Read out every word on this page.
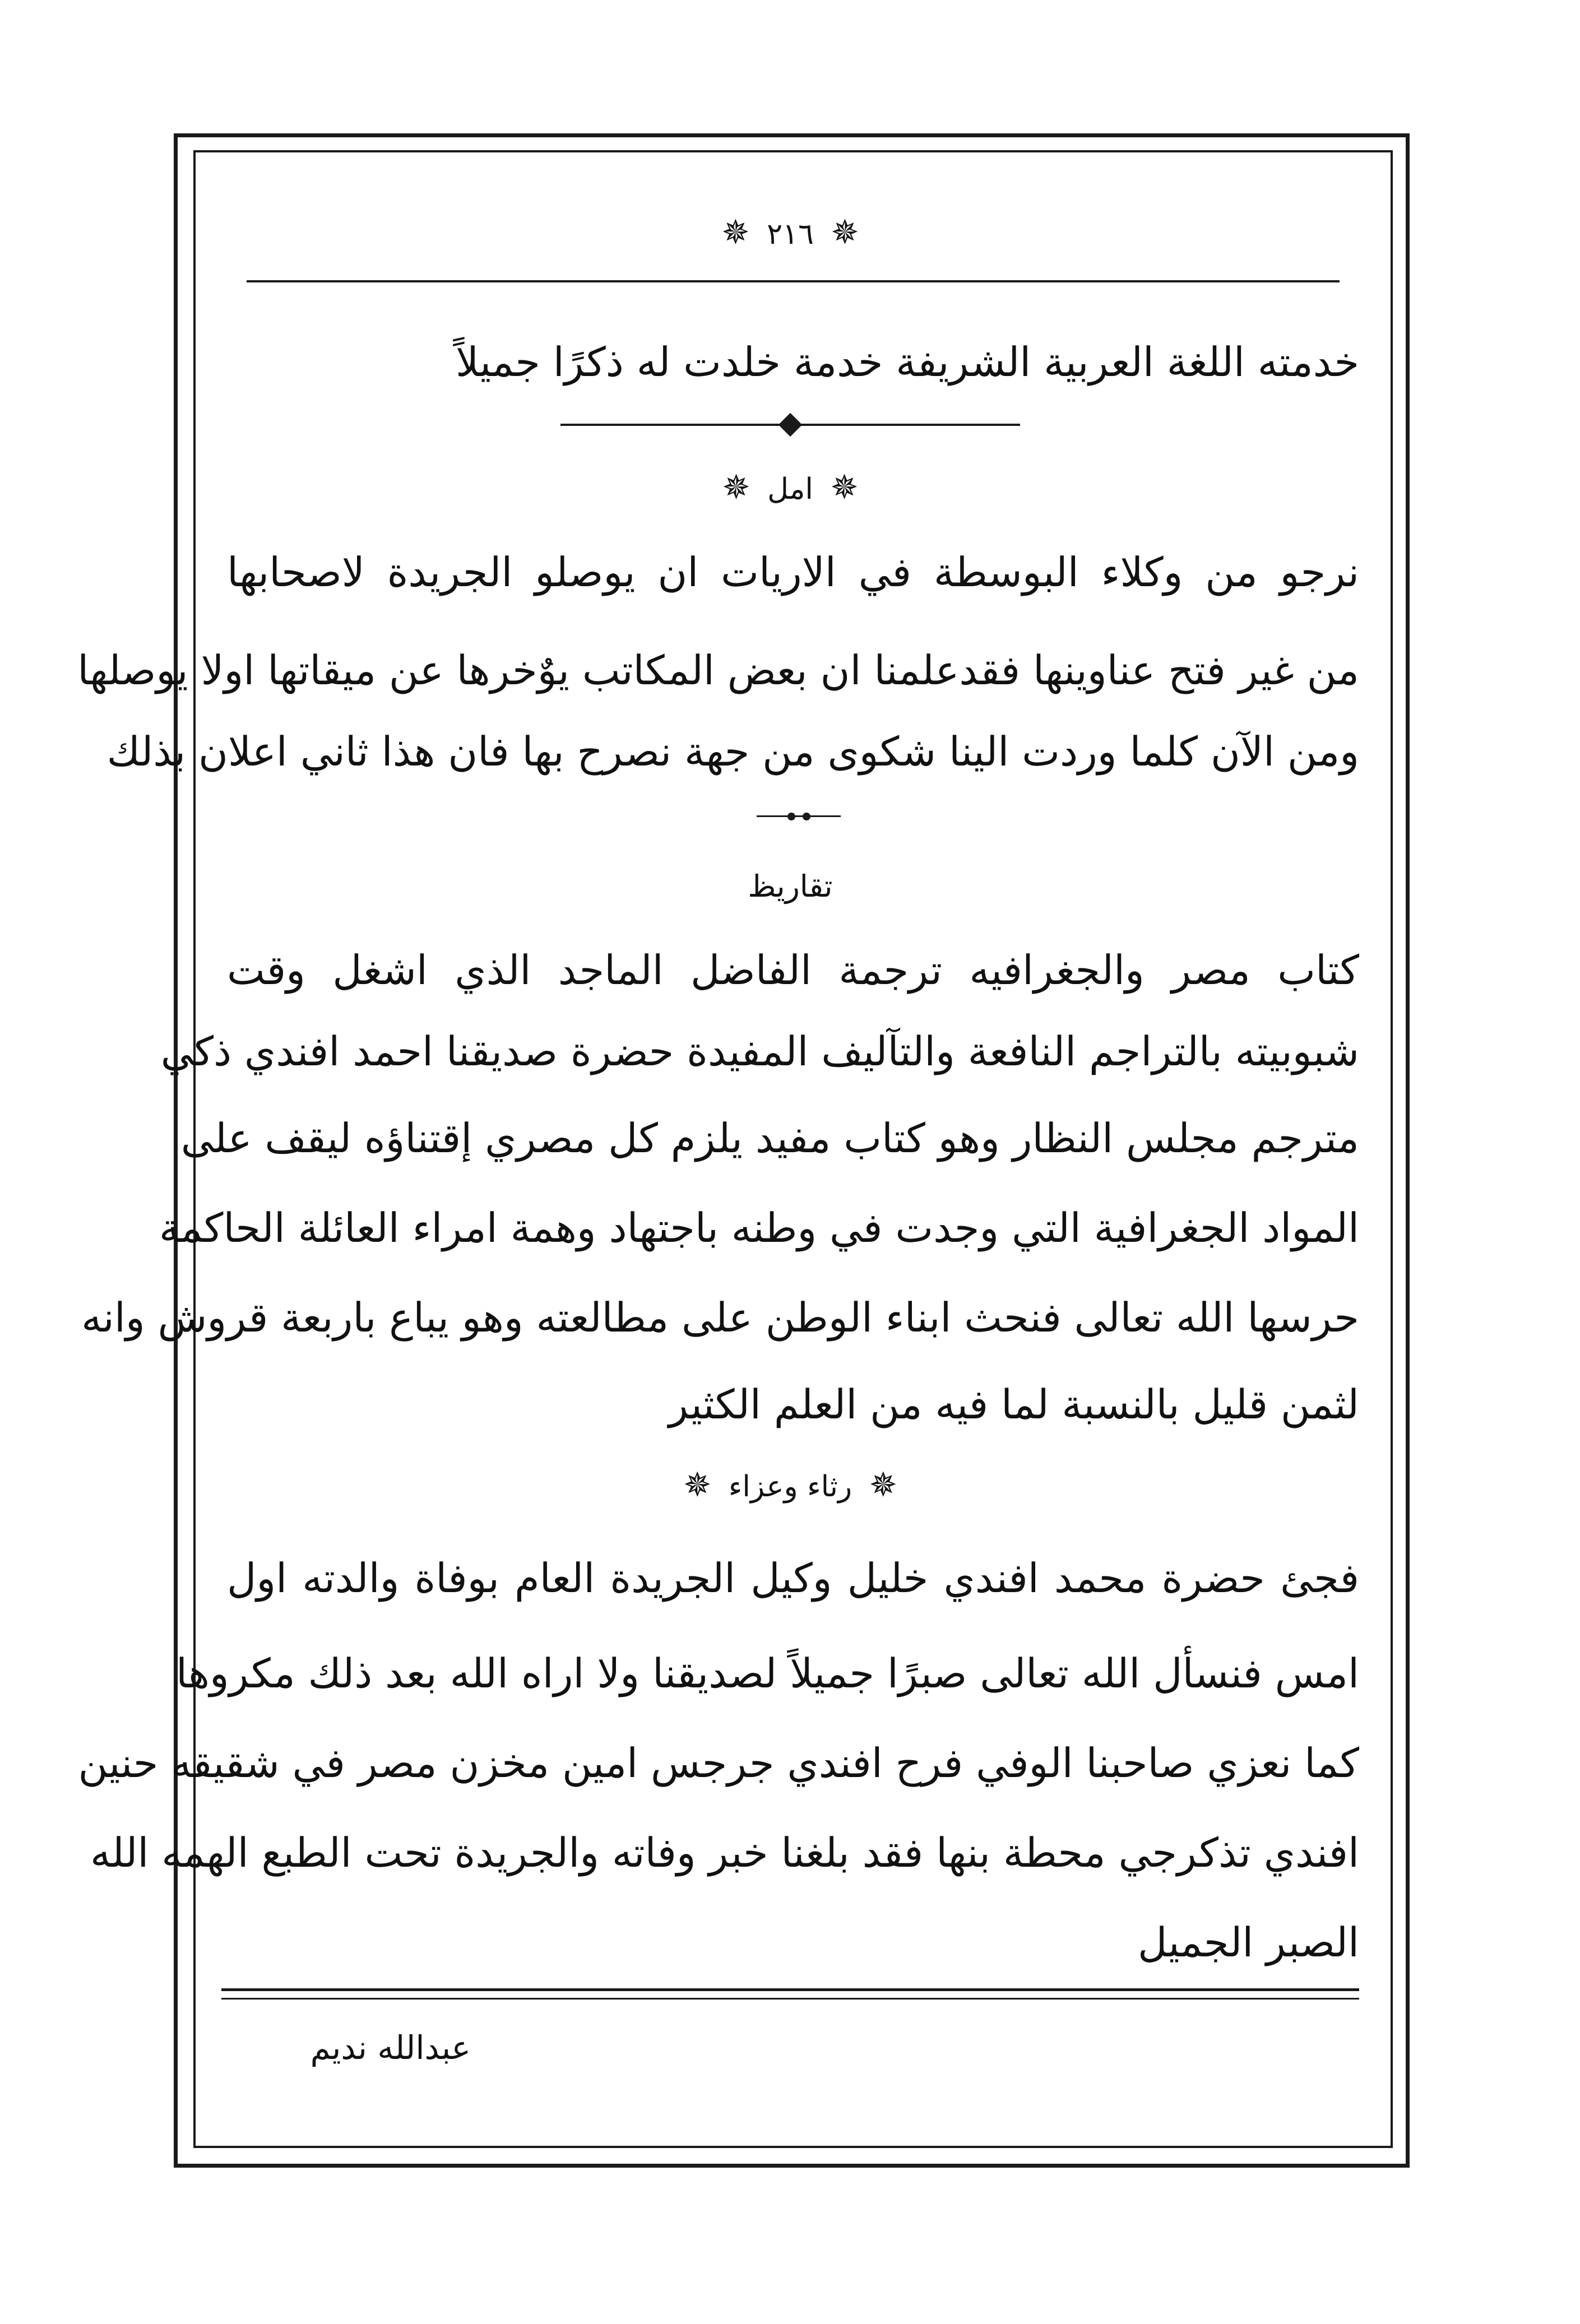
✵ ٢١٦ ✵
خدمته اللغة العربية الشريفة خدمة خلدت له ذكرًا جميلاً
✵ امل ✵
نرجو من وكلاء البوسطة في الاريات ان يوصلو الجريدة لاصحابها
من غير فتح عناوينها فقدعلمنا ان بعض المكاتب يوٌخرها عن ميقاتها اولا يوصلها
ومن الآن كلما وردت الينا شكوى من جهة نصرح بها فان هذا ثاني اعلان بذلك
تقاريظ
كتاب مصر والجغرافيه ترجمة الفاضل الماجد الذي اشغل وقت
شبوبيته بالتراجم النافعة والتآليف المفيدة حضرة صديقنا احمد افندي ذكي
مترجم مجلس النظار وهو كتاب مفيد يلزم كل مصري إقتناؤه ليقف على
المواد الجغرافية التي وجدت في وطنه باجتهاد وهمة امراء العائلة الحاكمة
حرسها الله تعالى فنحث ابناء الوطن على مطالعته وهو يباع باربعة قروش وانه
لثمن قليل بالنسبة لما فيه من العلم الكثير
✵ رثاء وعزاء ✵
فجئ حضرة محمد افندي خليل وكيل الجريدة العام بوفاة والدته اول
امس فنسأل الله تعالى صبرًا جميلاً لصديقنا ولا اراه الله بعد ذلك مكروها
كما نعزي صاحبنا الوفي فرح افندي جرجس امين مخزن مصر في شقيقه حنين
افندي تذكرجي محطة بنها فقد بلغنا خبر وفاته والجريدة تحت الطبع الهمه الله
الصبر الجميل
عبدالله نديم
